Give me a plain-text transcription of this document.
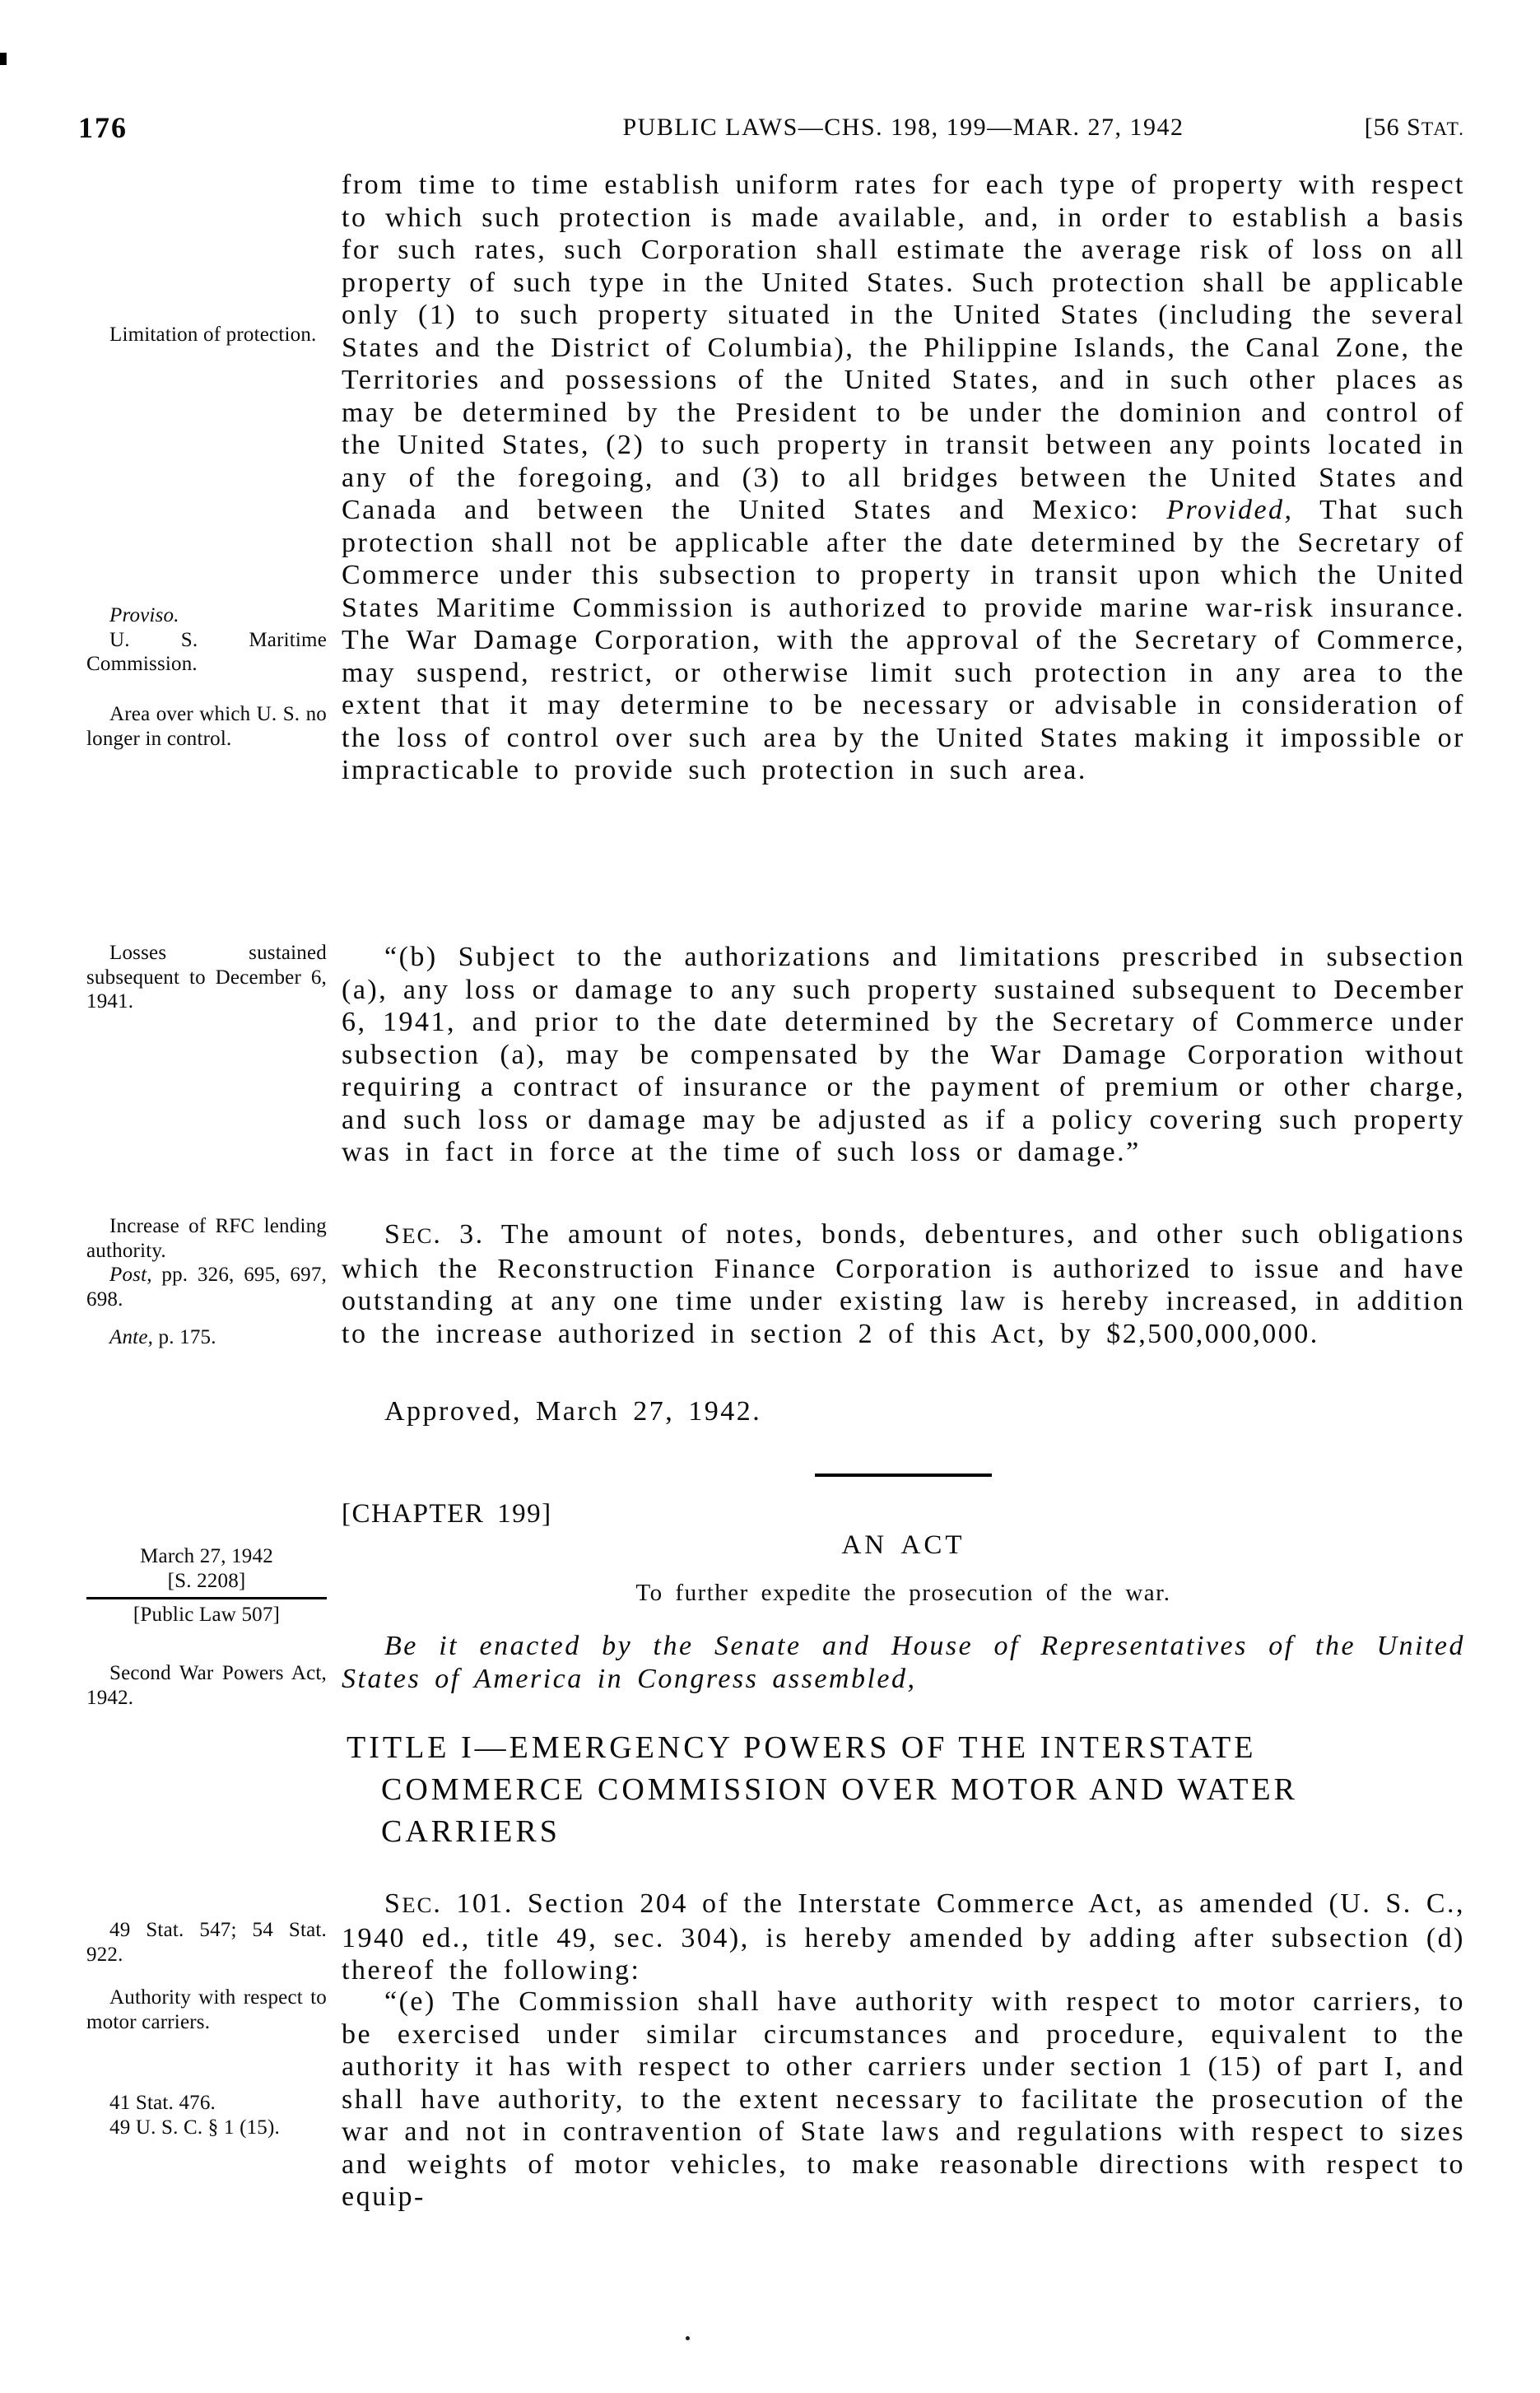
176	PUBLIC LAWS—CHS. 198, 199—MAR. 27, 1942	[56 STAT.

Limitation of protection.

Proviso.

U. S. Maritime Commission.

Area over which U. S. no longer in control.

Losses sustained subsequent to December 6, 1941.

Increase of RFC lending authority.

Post, pp. 326, 695, 697, 698.

Ante, p. 175.

March 27, 1942
[S. 2208]
[Public Law 507]

Second War Powers Act, 1942.

49 Stat. 547; 54 Stat. 922.

Authority with respect to motor carriers.

41 Stat. 476.

49 U. S. C. § 1 (15).

from time to time establish uniform rates for each type of property with respect to which such protection is made available, and, in order to establish a basis for such rates, such Corporation shall estimate the average risk of loss on all property of such type in the United States. Such protection shall be applicable only (1) to such property situated in the United States (including the several States and the District of Columbia), the Philippine Islands, the Canal Zone, the Territories and possessions of the United States, and in such other places as may be determined by the President to be under the dominion and control of the United States, (2) to such property in transit between any points located in any of the foregoing, and (3) to all bridges between the United States and Canada and between the United States and Mexico: Provided, That such protection shall not be applicable after the date determined by the Secretary of Commerce under this subsection to property in transit upon which the United States Maritime Commission is authorized to provide marine war-risk insurance. The War Damage Corporation, with the approval of the Secretary of Commerce, may suspend, restrict, or otherwise limit such protection in any area to the extent that it may determine to be necessary or advisable in consideration of the loss of control over such area by the United States making it impossible or impracticable to provide such protection in such area.
“(b) Subject to the authorizations and limitations prescribed in subsection (a), any loss or damage to any such property sustained subsequent to December 6, 1941, and prior to the date determined by the Secretary of Commerce under subsection (a), may be compensated by the War Damage Corporation without requiring a contract of insurance or the payment of premium or other charge, and such loss or damage may be adjusted as if a policy covering such property was in fact in force at the time of such loss or damage.”
SEC. 3. The amount of notes, bonds, debentures, and other such obligations which the Reconstruction Finance Corporation is authorized to issue and have outstanding at any one time under existing law is hereby increased, in addition to the increase authorized in section 2 of this Act, by $2,500,000,000.
Approved, March 27, 1942.
[CHAPTER 199]
AN ACT
To further expedite the prosecution of the war.
Be it enacted by the Senate and House of Representatives of the United States of America in Congress assembled,
TITLE I—EMERGENCY POWERS OF THE INTERSTATE
COMMERCE COMMISSION OVER MOTOR AND WATER
CARRIERS
SEC. 101. Section 204 of the Interstate Commerce Act, as amended (U. S. C., 1940 ed., title 49, sec. 304), is hereby amended by adding after subsection (d) thereof the following:
“(e) The Commission shall have authority with respect to motor carriers, to be exercised under similar circumstances and procedure, equivalent to the authority it has with respect to other carriers under section 1 (15) of part I, and shall have authority, to the extent necessary to facilitate the prosecution of the war and not in contravention of State laws and regulations with respect to sizes and weights of motor vehicles, to make reasonable directions with respect to equip-
